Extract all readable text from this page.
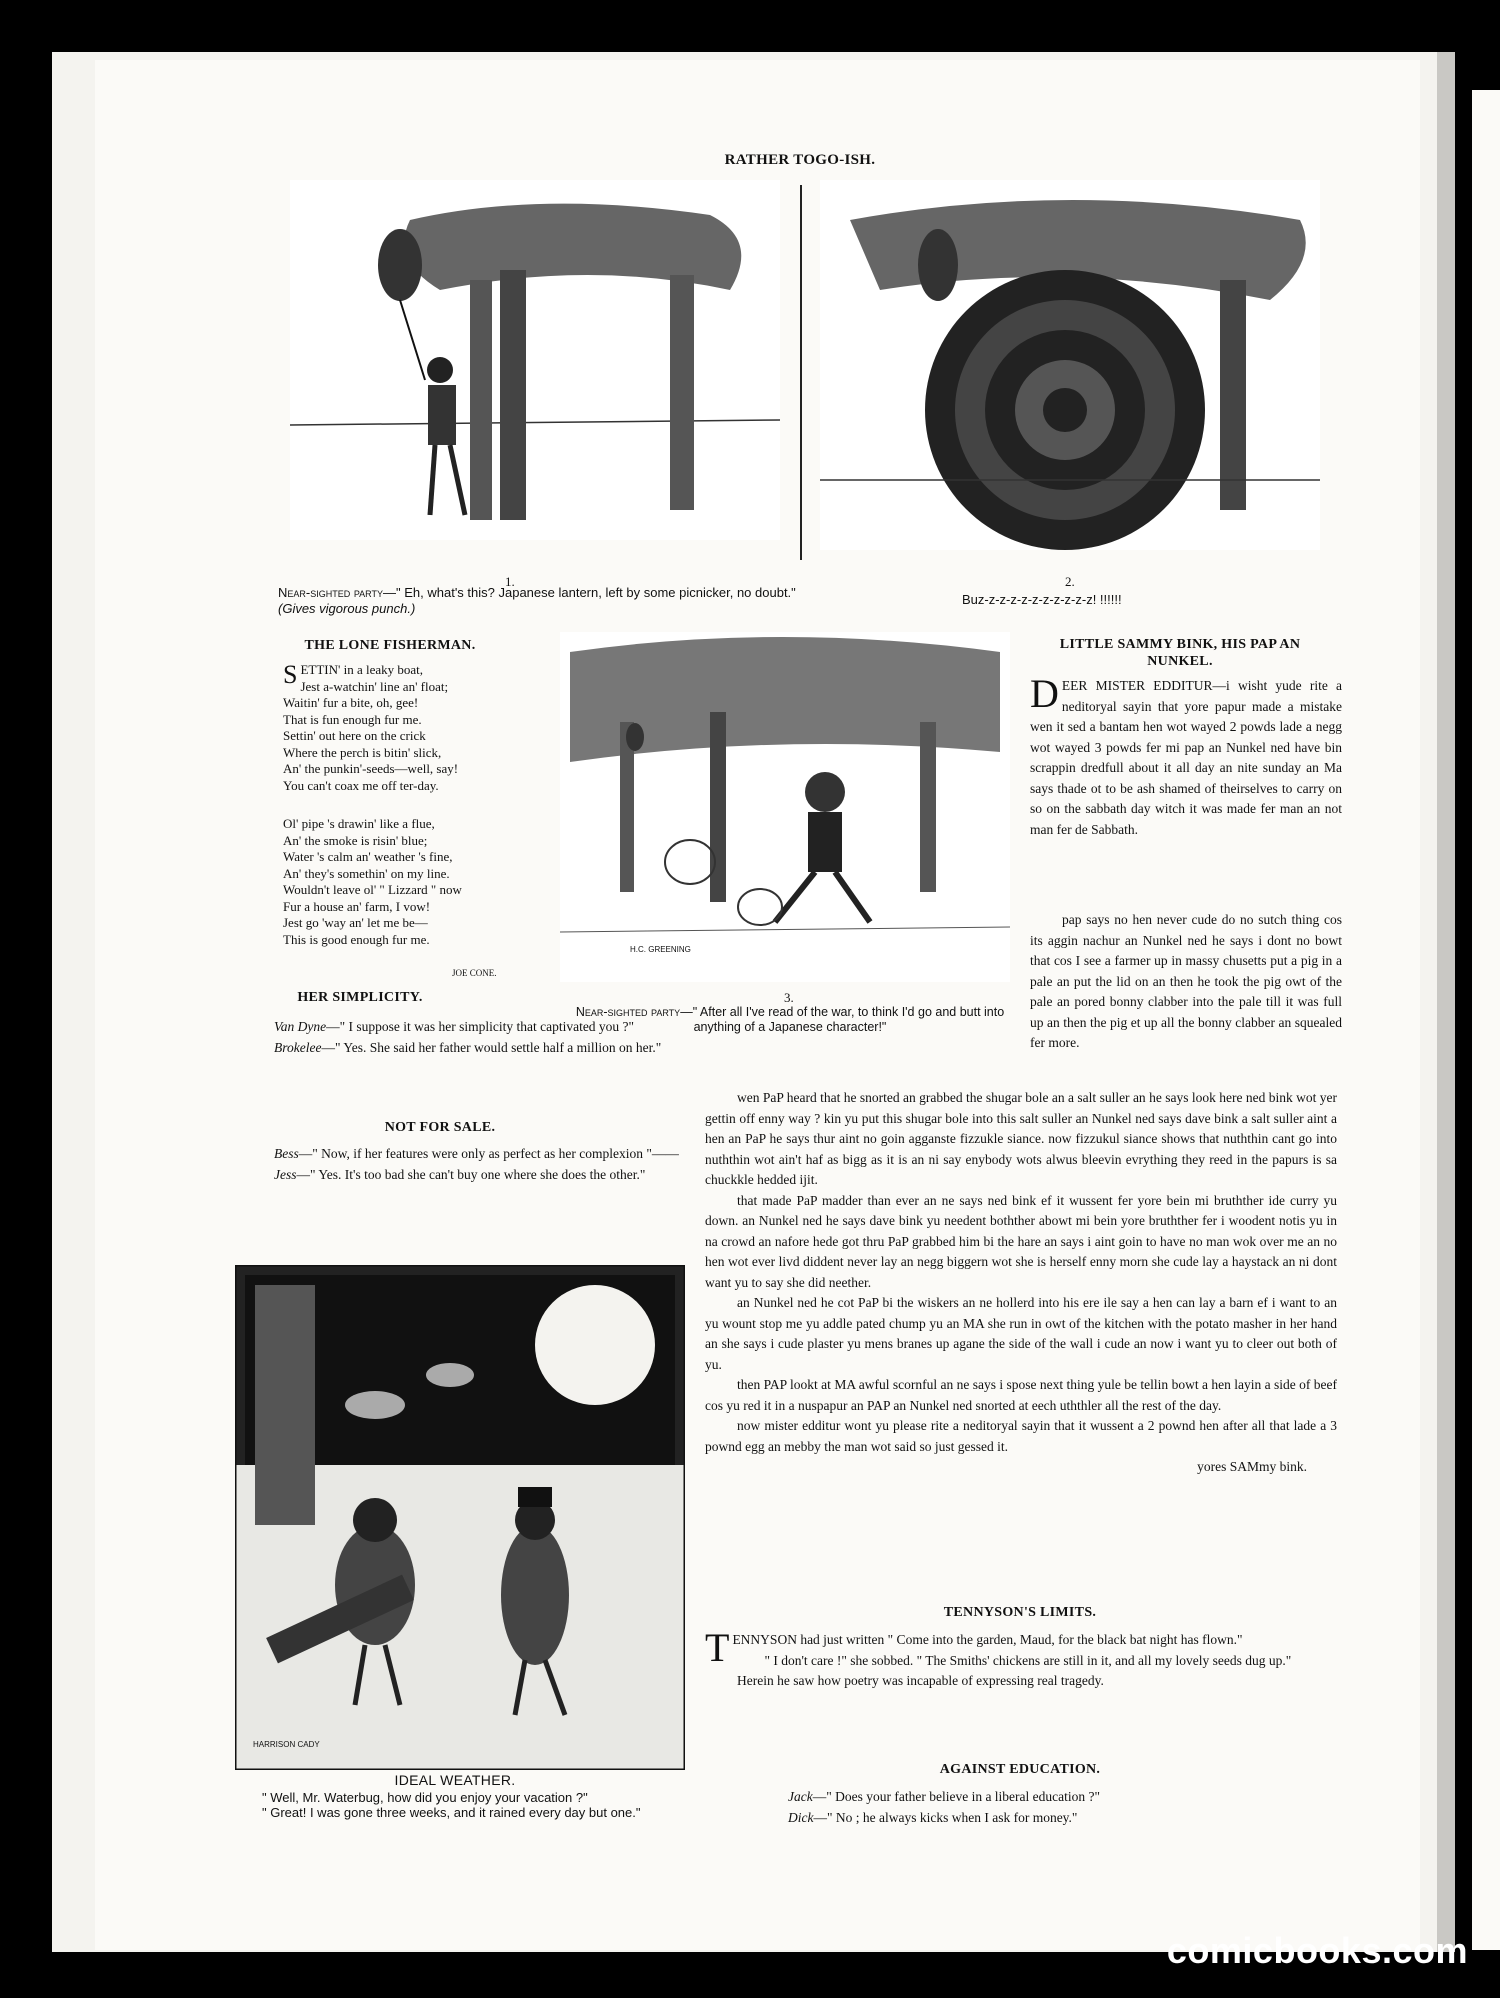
RATHER TOGO-ISH.
1.	2.
Near-sighted party—" Eh, what's this? Japanese lantern, left by some picnicker, no doubt." (Gives vigorous punch.)
Buz-z-z-z-z-z-z-z-z-z-z! !!!!!!
THE LONE FISHERMAN.
SETTIN' in a leaky boat,
Jest a-watchin' line an' float;
Waitin' fur a bite, oh, gee!
That is fun enough fur me.
Settin' out here on the crick
Where the perch is bitin' slick,
An' the punkin'-seeds—well, say!
You can't coax me off ter-day.
Ol' pipe 's drawin' like a flue,
An' the smoke is risin' blue;
Water 's calm an' weather 's fine,
An' they's somethin' on my line.
Wouldn't leave ol' " Lizzard " now
Fur a house an' farm, I vow!
Jest go 'way an' let me be—
This is good enough fur me.
JOE CONE.
H.C. GREENING
3.
Near-sighted party—" After all I've read of the war, to think I'd go and butt into anything of a Japanese character!"
HER SIMPLICITY.

Van Dyne—" I suppose it was her simplicity that captivated you ?"

Brokelee—" Yes. She said her father would settle half a million on her."

NOT FOR SALE.

Bess—" Now, if her features were only as perfect as her complexion "——

Jess—" Yes. It's too bad she can't buy one where she does the other."

HARRISON CADY
IDEAL WEATHER.
" Well, Mr. Waterbug, how did you enjoy your vacation ?"
" Great! I was gone three weeks, and it rained every day but one."
LITTLE SAMMY BINK, HIS PAP AN NUNKEL.
DEER MISTER EDDITUR—i wisht yude rite a neditoryal sayin that yore papur made a mistake wen it sed a bantam hen wot wayed 2 powds lade a negg wot wayed 3 powds fer mi pap an Nunkel ned have bin scrappin dredfull about it all day an nite sunday an Ma says thade ot to be ash shamed of theirselves to carry on so on the sabbath day witch it was made fer man an not man fer de Sabbath.

pap says no hen never cude do no sutch thing cos its aggin nachur an Nunkel ned he says i dont no bowt that cos I see a farmer up in massy chusetts put a pig in a pale an put the lid on an then he took the pig owt of the pale an pored bonny clabber into the pale till it was full up an then the pig et up all the bonny clabber an squealed fer more.

wen PaP heard that he snorted an grabbed the shugar bole an a salt suller an he says look here ned bink wot yer gettin off enny way ? kin yu put this shugar bole into this salt suller an Nunkel ned says dave bink a salt suller aint a hen an PaP he says thur aint no goin agganste fizzukle siance. now fizzukul siance shows that nuththin cant go into nuththin wot ain't haf as bigg as it is an ni say enybody wots alwus bleevin evrything they reed in the papurs is sa chuckkle hedded ijit.

that made PaP madder than ever an ne says ned bink ef it wussent fer yore bein mi bruthther ide curry yu down. an Nunkel ned he says dave bink yu needent bothther abowt mi bein yore bruthther fer i woodent notis yu in na crowd an nafore hede got thru PaP grabbed him bi the hare an says i aint goin to have no man wok over me an no hen wot ever livd diddent never lay an negg biggern wot she is herself enny morn she cude lay a haystack an ni dont want yu to say she did neether.

an Nunkel ned he cot PaP bi the wiskers an ne hollerd into his ere ile say a hen can lay a barn ef i want to an yu wount stop me yu addle pated chump yu an MA she run in owt of the kitchen with the potato masher in her hand an she says i cude plaster yu mens branes up agane the side of the wall i cude an now i want yu to cleer out both of yu.

then PAP lookt at MA awful scornful an ne says i spose next thing yule be tellin bowt a hen layin a side of beef cos yu red it in a nuspapur an PAP an Nunkel ned snorted at eech uththler all the rest of the day.

now mister edditur wont yu please rite a neditoryal sayin that it wussent a 2 pownd hen after all that lade a 3 pownd egg an mebby the man wot said so just gessed it.

yores SAMmy bink.

TENNYSON'S LIMITS.

TENNYSON had just written " Come into the garden, Maud, for the black bat night has flown."

" I don't care !" she sobbed. " The Smiths' chickens are still in it, and all my lovely seeds dug up."

Herein he saw how poetry was incapable of expressing real tragedy.

AGAINST EDUCATION.

Jack—" Does your father believe in a liberal education ?"

Dick—" No ; he always kicks when I ask for money."

comicbooks.com
